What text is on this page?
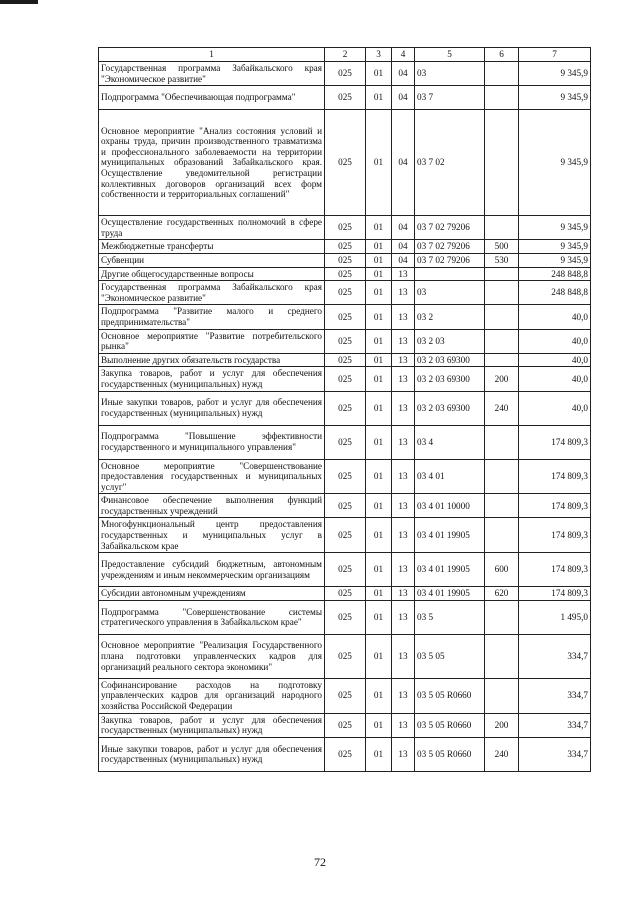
1	2	3	4	5	6	7
Государственная программа Забайкальского края "Экономическое развитие"	025	01	04	03		9 345,9
Подпрограмма "Обеспечивающая подпрограмма"	025	01	04	03 7		9 345,9
Основное мероприятие "Анализ состояния условий и охраны труда, причин производственного травматизма и профессионального заболеваемости на территории муниципальных образований Забайкальского края. Осуществление уведомительной регистрации коллективных договоров организаций всех форм собственности и территориальных соглашений"	025	01	04	03 7 02		9 345,9
Осуществление государственных полномочий в сфере труда	025	01	04	03 7 02 79206		9 345,9
Межбюджетные трансферты	025	01	04	03 7 02 79206	500	9 345,9
Субвенции	025	01	04	03 7 02 79206	530	9 345,9
Другие общегосударственные вопросы	025	01	13			248 848,8
Государственная программа Забайкальского края "Экономическое развитие"	025	01	13	03		248 848,8
Подпрограмма "Развитие малого и среднего предпринимательства"	025	01	13	03 2		40,0
Основное мероприятие "Развитие потребительского рынка"	025	01	13	03 2 03		40,0
Выполнение других обязательств государства	025	01	13	03 2 03 69300		40,0
Закупка товаров, работ и услуг для обеспечения государственных (муниципальных) нужд	025	01	13	03 2 03 69300	200	40,0
Иные закупки товаров, работ и услуг для обеспечения государственных (муниципальных) нужд	025	01	13	03 2 03 69300	240	40,0
Подпрограмма "Повышение эффективности государственного и муниципального управления"	025	01	13	03 4		174 809,3
Основное мероприятие "Совершенствование предоставления государственных и муниципальных услуг"	025	01	13	03 4 01		174 809,3
Финансовое обеспечение выполнения функций государственных учреждений	025	01	13	03 4 01 10000		174 809,3
Многофункциональный центр предоставления государственных и муниципальных услуг в Забайкальском крае	025	01	13	03 4 01 19905		174 809,3
Предоставление субсидий бюджетным, автономным учреждениям и иным некоммерческим организациям	025	01	13	03 4 01 19905	600	174 809,3
Субсидии автономным учреждениям	025	01	13	03 4 01 19905	620	174 809,3
Подпрограмма "Совершенствование системы стратегического управления в Забайкальском крае"	025	01	13	03 5		1 495,0
Основное мероприятие "Реализация Государственного плана подготовки управленческих кадров для организаций реального сектора экономики"	025	01	13	03 5 05		334,7
Софинансирование расходов на подготовку управленческих кадров для организаций народного хозяйства Российской Федерации	025	01	13	03 5 05 R0660		334,7
Закупка товаров, работ и услуг для обеспечения государственных (муниципальных) нужд	025	01	13	03 5 05 R0660	200	334,7
Иные закупки товаров, работ и услуг для обеспечения государственных (муниципальных) нужд	025	01	13	03 5 05 R0660	240	334,7
72
